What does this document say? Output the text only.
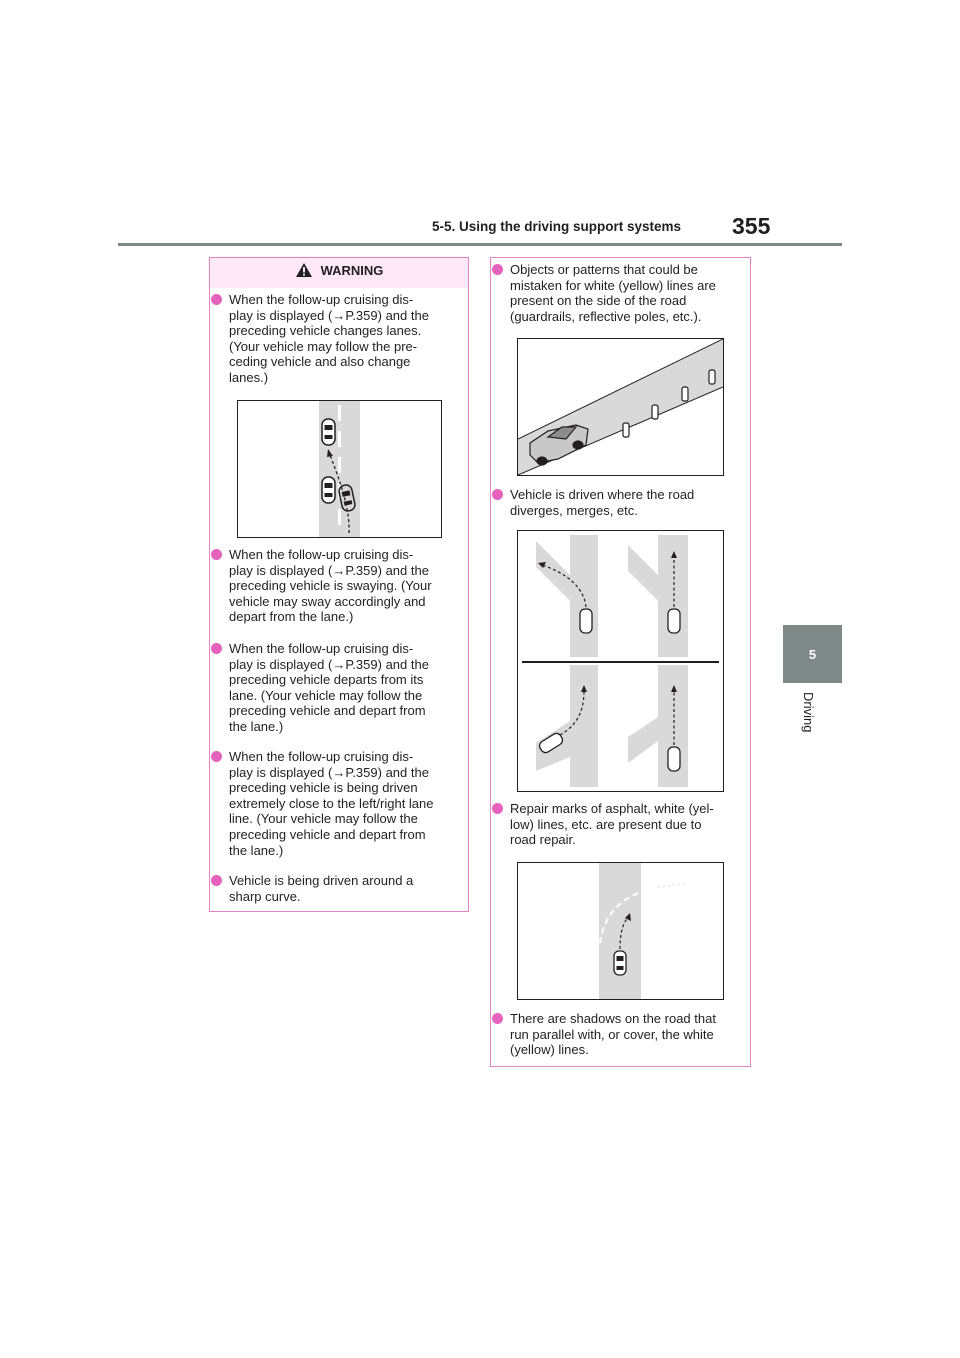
5-5. Using the driving support systems 355
5
Driving
WARNING
When the follow-up cruising dis-
play is displayed (→P.359) and the
preceding vehicle changes lanes.
(Your vehicle may follow the pre-
ceding vehicle and also change
lanes.)
When the follow-up cruising dis-
play is displayed (→P.359) and the
preceding vehicle is swaying. (Your
vehicle may sway accordingly and
depart from the lane.)
When the follow-up cruising dis-
play is displayed (→P.359) and the
preceding vehicle departs from its
lane. (Your vehicle may follow the
preceding vehicle and depart from
the lane.)
When the follow-up cruising dis-
play is displayed (→P.359) and the
preceding vehicle is being driven
extremely close to the left/right lane
line. (Your vehicle may follow the
preceding vehicle and depart from
the lane.)
Vehicle is being driven around a
sharp curve.
Objects or patterns that could be
mistaken for white (yellow) lines are
present on the side of the road
(guardrails, reflective poles, etc.).
Vehicle is driven where the road
diverges, merges, etc.
Repair marks of asphalt, white (yel-
low) lines, etc. are present due to
road repair.
There are shadows on the road that
run parallel with, or cover, the white
(yellow) lines.
